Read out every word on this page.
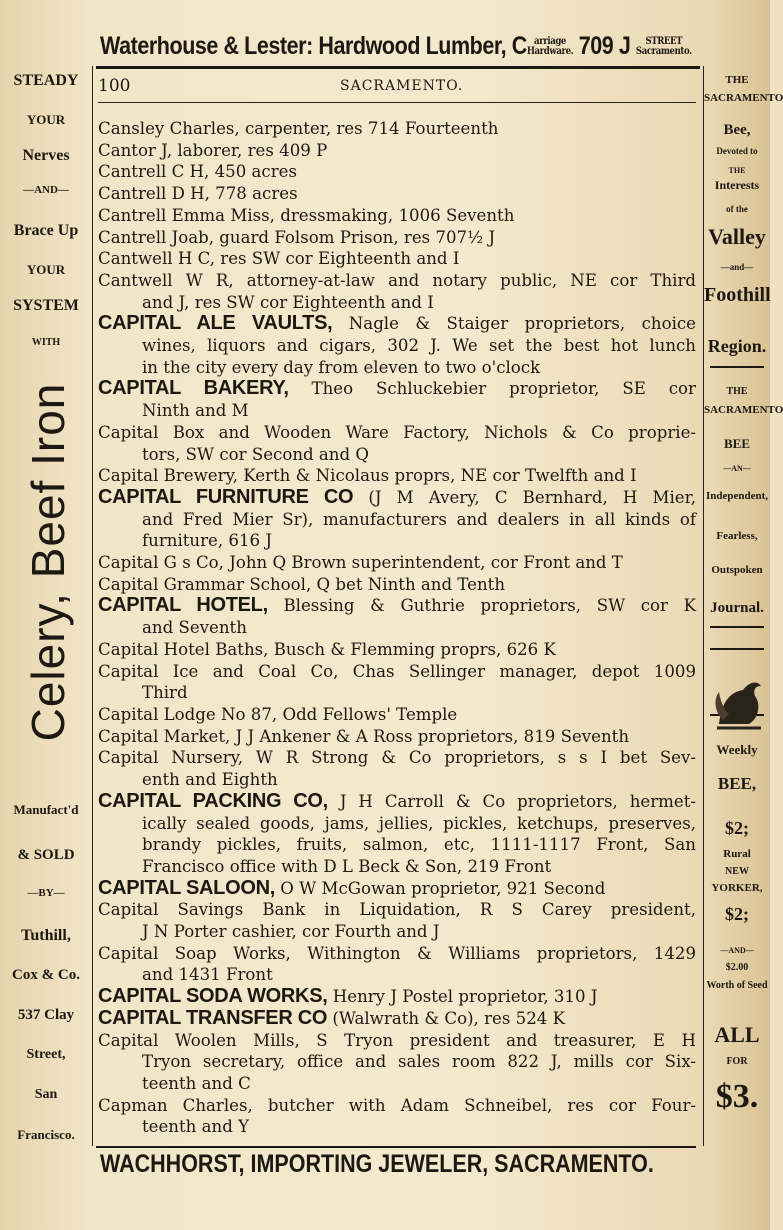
Waterhouse & Lester: Hardwood Lumber, C arriage
Hardware. 709 J STREET
Sacramento.
100	SACRAMENTO.
STEADY
YOUR
Nerves
—AND—
Brace Up
YOUR
SYSTEM
WITH
Celery, Beef Iron
Manufact'd
& SOLD
—BY—
Tuthill,
Cox & Co.
537 Clay
Street,
San
Francisco.
THE
SACRAMENTO
Bee,
Devoted to
THE
Interests
of the
Valley
—and—
Foothill
Region.
THE
SACRAMENTO
BEE
—AN—
Independent,
Fearless,
Outspoken
Journal.
Weekly
BEE,
$2;
Rural
NEW
YORKER,
$2;
—AND—
$2.00
Worth of Seed
ALL
FOR
$3.
Cansley Charles, carpenter, res 714 Fourteenth
Cantor J, laborer, res 409 P
Cantrell C H, 450 acres
Cantrell D H, 778 acres
Cantrell Emma Miss, dressmaking, 1006 Seventh
Cantrell Joab, guard Folsom Prison, res 707½ J
Cantwell H C, res SW cor Eighteenth and I
Cantwell W R, attorney-at-law and notary public, NE cor Third
and J, res SW cor Eighteenth and I
CAPITAL ALE VAULTS, Nagle & Staiger proprietors, choice
wines, liquors and cigars, 302 J. We set the best hot lunch
in the city every day from eleven to two o'clock
CAPITAL BAKERY, Theo Schluckebier proprietor, SE cor
Ninth and M
Capital Box and Wooden Ware Factory, Nichols & Co proprie-
tors, SW cor Second and Q
Capital Brewery, Kerth & Nicolaus proprs, NE cor Twelfth and I
CAPITAL FURNITURE CO (J M Avery, C Bernhard, H Mier,
and Fred Mier Sr), manufacturers and dealers in all kinds of
furniture, 616 J
Capital G s Co, John Q Brown superintendent, cor Front and T
Capital Grammar School, Q bet Ninth and Tenth
CAPITAL HOTEL, Blessing & Guthrie proprietors, SW cor K
and Seventh
Capital Hotel Baths, Busch & Flemming proprs, 626 K
Capital Ice and Coal Co, Chas Sellinger manager, depot 1009
Third
Capital Lodge No 87, Odd Fellows' Temple
Capital Market, J J Ankener & A Ross proprietors, 819 Seventh
Capital Nursery, W R Strong & Co proprietors, s s I bet Sev-
enth and Eighth
CAPITAL PACKING CO, J H Carroll & Co proprietors, hermet-
ically sealed goods, jams, jellies, pickles, ketchups, preserves,
brandy pickles, fruits, salmon, etc, 1111-1117 Front, San
Francisco office with D L Beck & Son, 219 Front
CAPITAL SALOON, O W McGowan proprietor, 921 Second
Capital Savings Bank in Liquidation, R S Carey president,
J N Porter cashier, cor Fourth and J
Capital Soap Works, Withington & Williams proprietors, 1429
and 1431 Front
CAPITAL SODA WORKS, Henry J Postel proprietor, 310 J
CAPITAL TRANSFER CO (Walwrath & Co), res 524 K
Capital Woolen Mills, S Tryon president and treasurer, E H
Tryon secretary, office and sales room 822 J, mills cor Six-
teenth and C
Capman Charles, butcher with Adam Schneibel, res cor Four-
teenth and Y
WACHHORST, IMPORTING JEWELER, SACRAMENTO.
